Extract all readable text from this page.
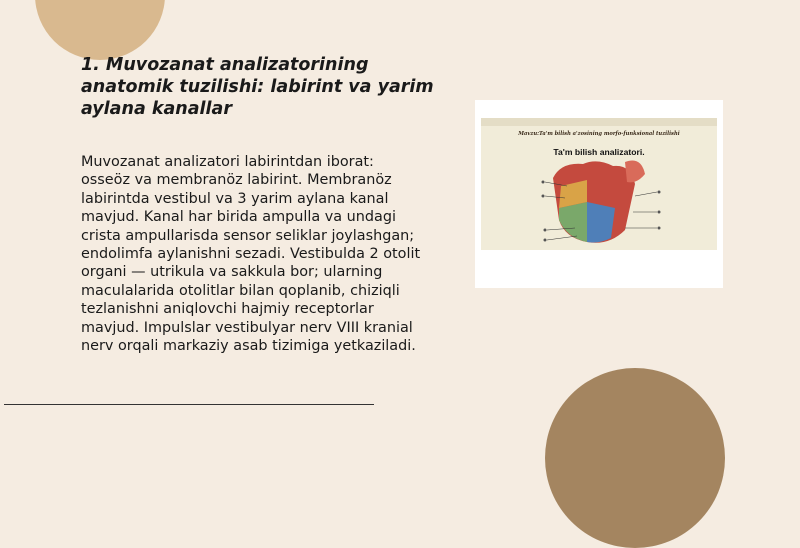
1. Muvozanat analizatorining anatomik tuzilishi: labirint va yarim aylana kanallar

Muvozanat analizatori labirintdan iborat: osseöz va membranöz labirint. Membranöz labirintda vestibul va 3 yarim aylana kanal mavjud. Kanal har birida ampulla va undagi crista ampullarisda sensor seliklar joylashgan; endolimfa aylanishni sezadi. Vestibulda 2 otolit organi — utrikula va sakkula bor; ularning maculalarida otolitlar bilan qoplanib, chiziqli tezlanishni aniqlovchi hajmiy receptorlar mavjud. Impulslar vestibulyar nerv VIII kranial nerv orqali markaziy asab tizimiga yetkaziladi.

Mavzu:Ta'm bilish a'zosining morfo-funksional tuzilishi
Ta'm bilish analizatori.
